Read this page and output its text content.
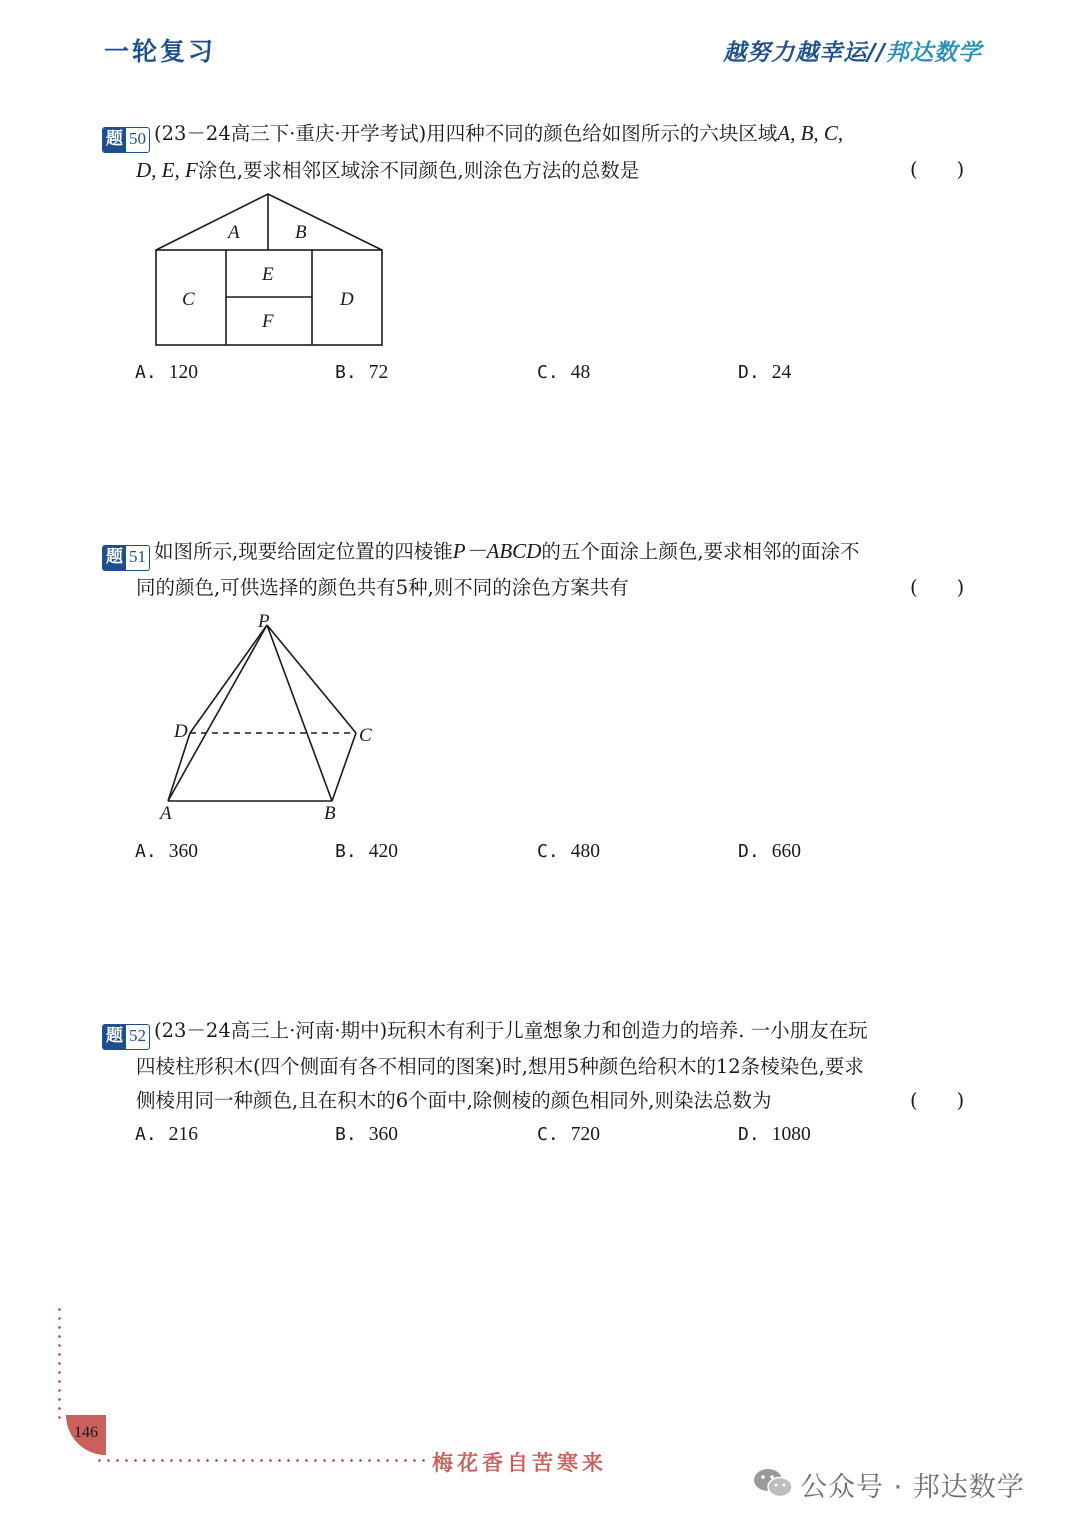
一轮复习	越努力越幸运//邦达数学
题 50 (23－24高三下·重庆·开学考试)用四种不同的颜色给如图所示的六块区域A, B, C,
D, E, F涂色,要求相邻区域涂不同颜色,则涂色方法的总数是	(　　)
A	B
C	D
E
F
A. 120	B. 72	C. 48	D. 24
题 51 如图所示,现要给固定位置的四棱锥P－ABCD的五个面涂上颜色,要求相邻的面涂不
同的颜色,可供选择的颜色共有5种,则不同的涂色方案共有	(　　)
P
D	C
A	B
A. 360	B. 420	C. 480	D. 660
题 52 (23－24高三上·河南·期中)玩积木有利于儿童想象力和创造力的培养. 一小朋友在玩
四棱柱形积木(四个侧面有各不相同的图案)时,想用5种颜色给积木的12条棱染色,要求
侧棱用同一种颜色,且在积木的6个面中,除侧棱的颜色相同外,则染法总数为	(　　)
A. 216	B. 360	C. 720	D. 1080
146
梅花香自苦寒来
公众号 · 邦达数学
